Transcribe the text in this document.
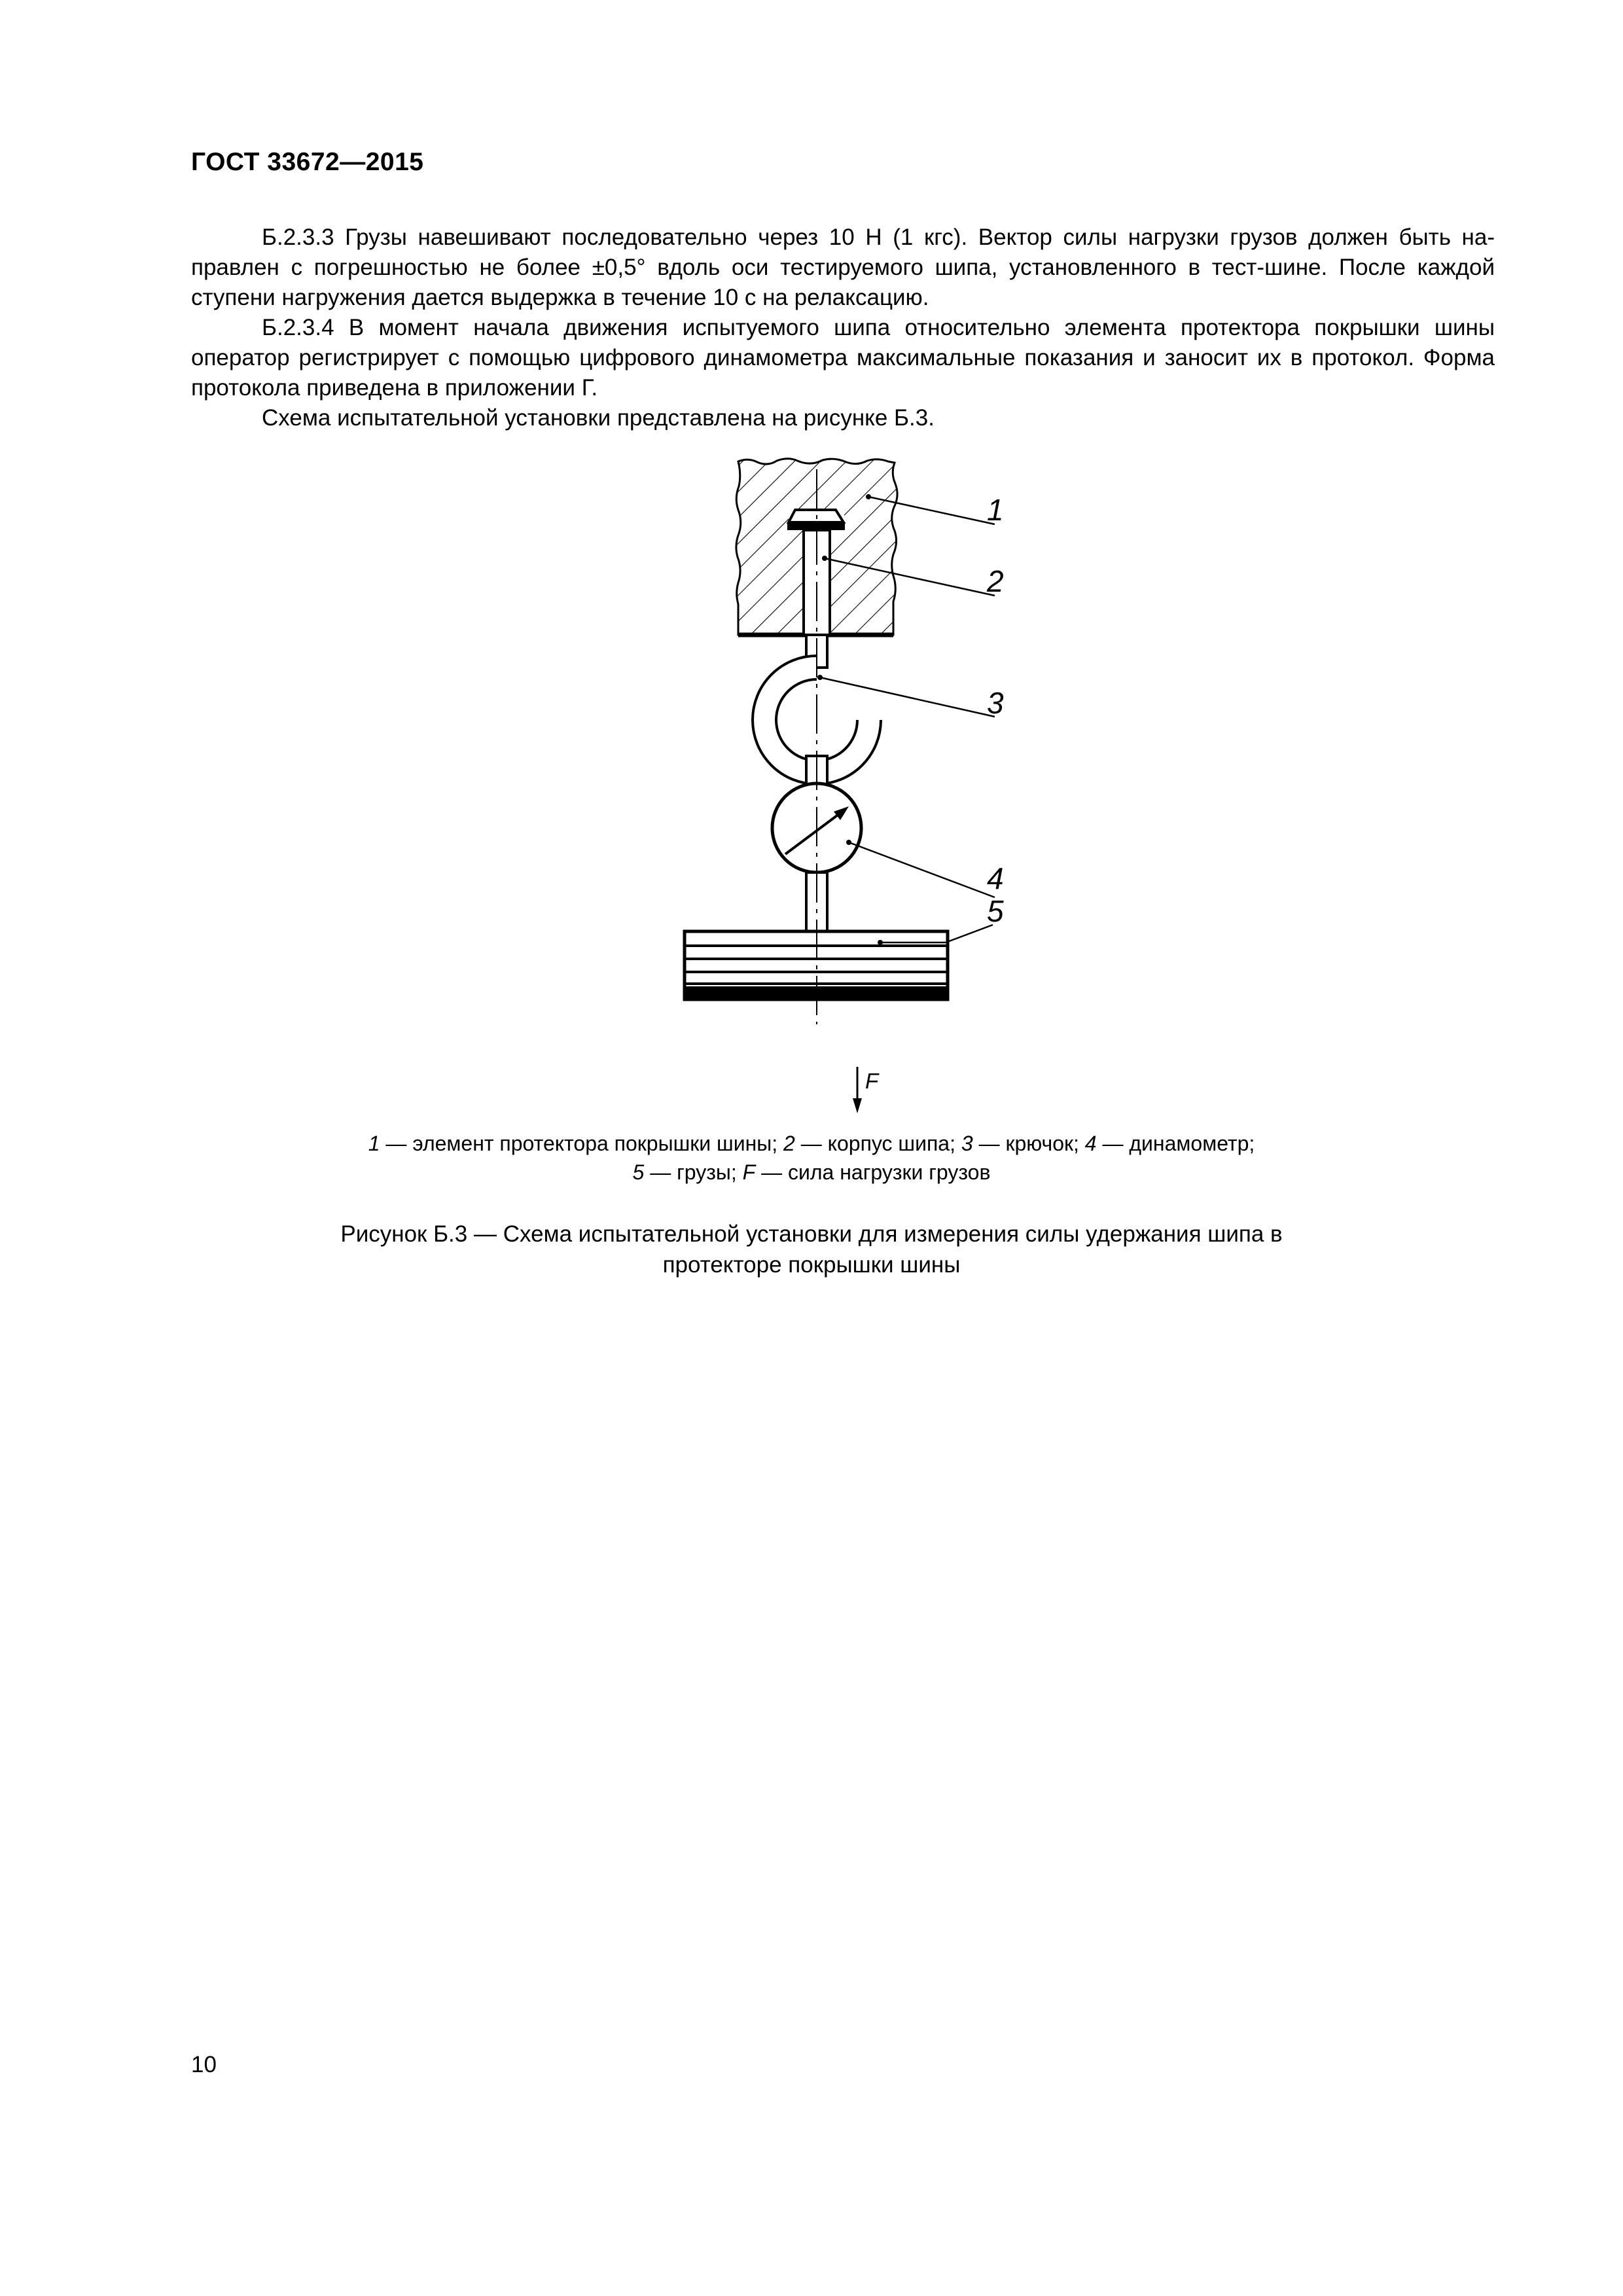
ГОСТ 33672—2015

Б.2.3.3 Грузы навешивают последовательно через 10 Н (1 кгс). Вектор силы нагрузки грузов должен быть на-правлен с погрешностью не более ±0,5° вдоль оси тестируемого шипа, установленного в тест-шине. После каждой ступени нагружения дается выдержка в течение 10 с на релаксацию.

Б.2.3.4 В момент начала движения испытуемого шипа относительно элемента протектора покрышки шины оператор регистрирует с помощью цифрового динамометра максимальные показания и заносит их в протокол. Форма протокола приведена в приложении Г.

Схема испытательной установки представлена на рисунке Б.3.

F
1
2
3
4
5
1 — элемент протектора покрышки шины; 2 — корпус шипа; 3 — крючок; 4 — динамометр;
5 — грузы; F — сила нагрузки грузов
Рисунок Б.3 — Схема испытательной установки для измерения силы удержания шипа в
протекторе покрышки шины
10
